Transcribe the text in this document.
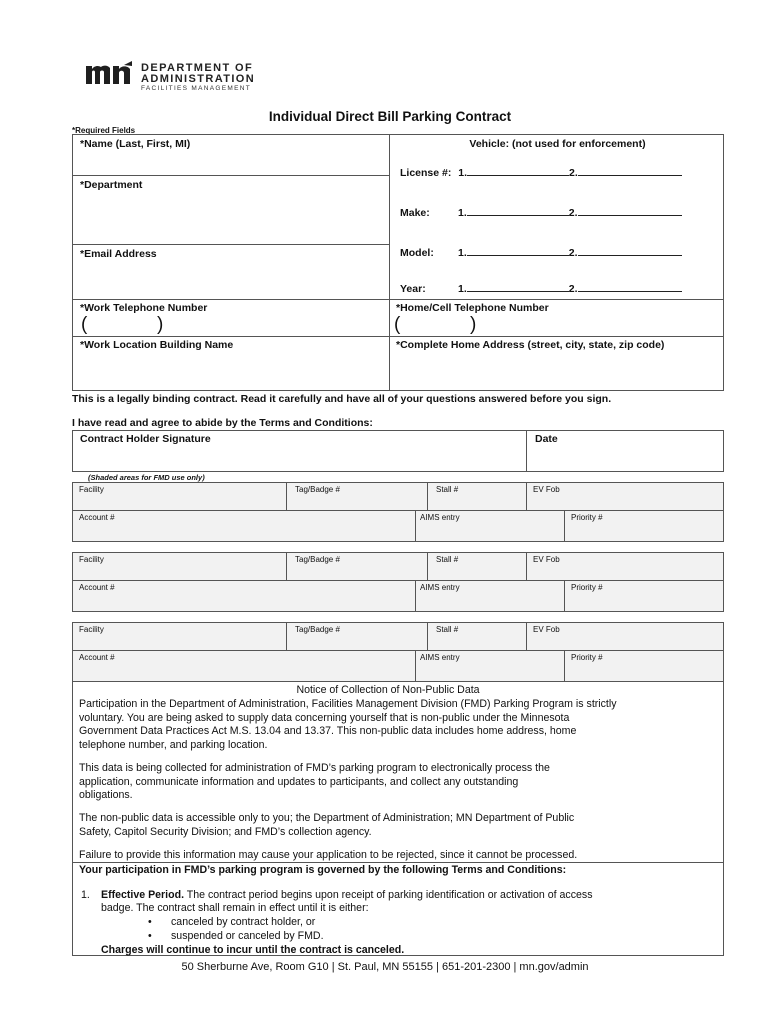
DEPARTMENT OF
ADMINISTRATION
FACILITIES MANAGEMENT
Individual Direct Bill Parking Contract
*Required Fields
*Name (Last, First, MI)
*Department
*Email Address
Vehicle: (not used for enforcement)
License #: 1.	2.
Make:	1.	2.
Model: 1.	2.
Year:	1.	2.
*Work Telephone Number
(	)
*Home/Cell Telephone Number
(	)
*Work Location Building Name	*Complete Home Address (street, city, state, zip code)
This is a legally binding contract. Read it carefully and have all of your questions answered before you sign.
I have read and agree to abide by the Terms and Conditions:
Contract Holder Signature	Date
(Shaded areas for FMD use only)
Facility	Tag/Badge #	Stall #	EV Fob
Account #	AIMS entry	Priority #
Facility	Tag/Badge #	Stall #	EV Fob
Account #	AIMS entry	Priority #
Facility	Tag/Badge #	Stall #	EV Fob
Account #	AIMS entry	Priority #
Notice of Collection of Non-Public Data
Participation in the Department of Administration, Facilities Management Division (FMD) Parking Program is strictly
voluntary. You are being asked to supply data concerning yourself that is non-public under the Minnesota
Government Data Practices Act M.S. 13.04 and 13.37. This non-public data includes home address, home
telephone number, and parking location.
This data is being collected for administration of FMD’s parking program to electronically process the
application, communicate information and updates to participants, and collect any outstanding
obligations.
The non-public data is accessible only to you; the Department of Administration; MN Department of Public
Safety, Capitol Security Division; and FMD’s collection agency.
Failure to provide this information may cause your application to be rejected, since it cannot be processed.
Your participation in FMD’s parking program is governed by the following Terms and Conditions:
1. Effective Period. The contract period begins upon receipt of parking identification or activation of access
badge. The contract shall remain in effect until it is either:
• canceled by contract holder, or
• suspended or canceled by FMD.
Charges will continue to incur until the contract is canceled.
50 Sherburne Ave, Room G10 | St. Paul, MN 55155 | 651-201-2300 | mn.gov/admin
